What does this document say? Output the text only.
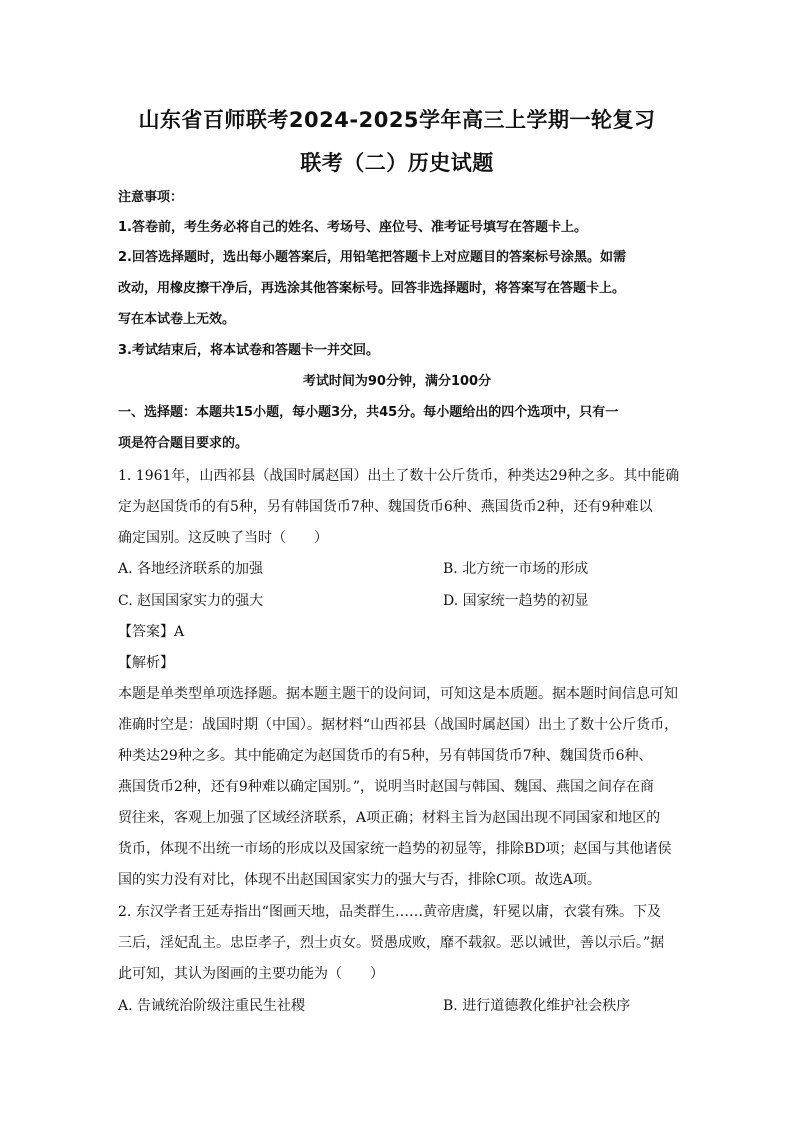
山东省百师联考2024-2025学年高三上学期一轮复习
联考（二）历史试题
注意事项：
1.答卷前，考生务必将自己的姓名、考场号、座位号、准考证号填写在答题卡上。
2.回答选择题时，选出每小题答案后，用铅笔把答题卡上对应题目的答案标号涂黑。如需
改动，用橡皮擦干净后，再选涂其他答案标号。回答非选择题时，将答案写在答题卡上。
写在本试卷上无效。
3.考试结束后，将本试卷和答题卡一并交回。
考试时间为90分钟，满分100分
一、选择题：本题共15小题，每小题3分，共45分。每小题给出的四个选项中，只有一
项是符合题目要求的。
1. 1961年，山西祁县（战国时属赵国）出土了数十公斤货币，种类达29种之多。其中能确
定为赵国货币的有5种，另有韩国货币7种、魏国货币6种、燕国货币2种，还有9种难以
确定国别。这反映了当时（　　）
A. 各地经济联系的加强	B. 北方统一市场的形成
C. 赵国国家实力的强大	D. 国家统一趋势的初显
【答案】A
【解析】
本题是单类型单项选择题。据本题主题干的设问词，可知这是本质题。据本题时间信息可知
准确时空是：战国时期（中国）。据材料“山西祁县（战国时属赵国）出土了数十公斤货币，
种类达29种之多。其中能确定为赵国货币的有5种，另有韩国货币7种、魏国货币6种、
燕国货币2种，还有9种难以确定国别。”，说明当时赵国与韩国、魏国、燕国之间存在商
贸往来，客观上加强了区域经济联系，A项正确；材料主旨为赵国出现不同国家和地区的
货币，体现不出统一市场的形成以及国家统一趋势的初显等，排除BD项；赵国与其他诸侯
国的实力没有对比，体现不出赵国国家实力的强大与否，排除C项。故选A项。
2. 东汉学者王延寿指出“图画天地，品类群生……黄帝唐虞，轩冕以庸，衣裳有殊。下及
三后，淫妃乱主。忠臣孝子，烈士贞女。贤愚成败，靡不载叙。恶以诫世，善以示后。”据
此可知，其认为图画的主要功能为（　　）
A. 告诫统治阶级注重民生社稷	B. 进行道德教化维护社会秩序
